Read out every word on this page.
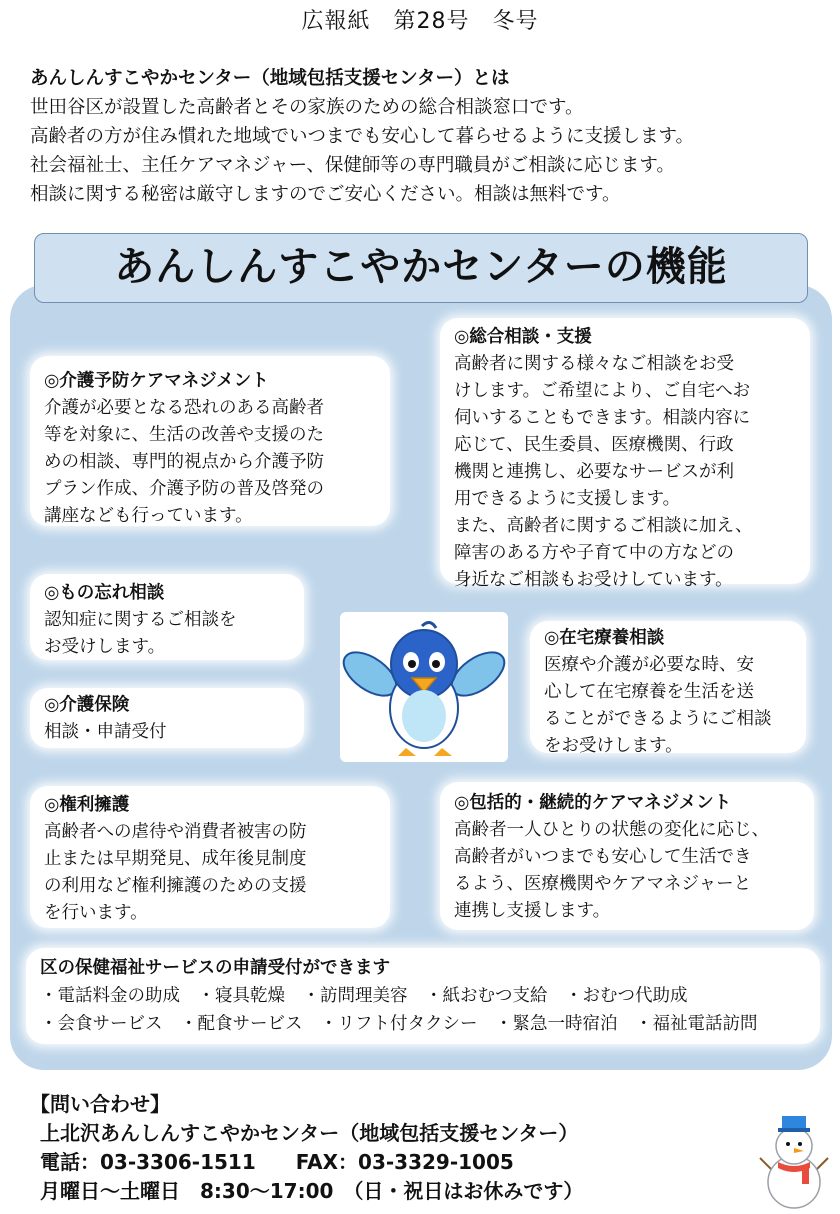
広報紙　第28号　冬号

あんしんすこやかセンター（地域包括支援センター）とは

世田谷区が設置した高齢者とその家族のための総合相談窓口です。

高齢者の方が住み慣れた地域でいつまでも安心して暮らせるように支援します。

社会福祉士、主任ケアマネジャー、保健師等の専門職員がご相談に応じます。

相談に関する秘密は厳守しますのでご安心ください。相談は無料です。

あんしんすこやかセンターの機能
◎介護予防ケアマネジメント
介護が必要となる恐れのある高齢者
等を対象に、生活の改善や支援のた
めの相談、専門的視点から介護予防
プラン作成、介護予防の普及啓発の
講座なども行っています。
◎総合相談・支援
高齢者に関する様々なご相談をお受
けします。ご希望により、ご自宅へお
伺いすることもできます。相談内容に
応じて、民生委員、医療機関、行政
機関と連携し、必要なサービスが利
用できるように支援します。
また、高齢者に関するご相談に加え、
障害のある方や子育て中の方などの
身近なご相談もお受けしています。
◎もの忘れ相談
認知症に関するご相談を
お受けします。
◎介護保険
相談・申請受付
◎在宅療養相談
医療や介護が必要な時、安
心して在宅療養を生活を送
ることができるようにご相談
をお受けします。
◎権利擁護
高齢者への虐待や消費者被害の防
止または早期発見、成年後見制度
の利用など権利擁護のための支援
を行います。
◎包括的・継続的ケアマネジメント
高齢者一人ひとりの状態の変化に応じ、
高齢者がいつまでも安心して生活でき
るよう、医療機関やケアマネジャーと
連携し支援します。
区の保健福祉サービスの申請受付ができます
・電話料金の助成　・寝具乾燥　・訪問理美容　・紙おむつ支給　・おむつ代助成
・会食サービス　・配食サービス　・リフト付タクシー　・緊急一時宿泊　・福祉電話訪問
【問い合わせ】
上北沢あんしんすこやかセンター（地域包括支援センター）
電話：03-3306-1511　　FAX：03-3329-1005
月曜日～土曜日　8:30～17:00　（日・祝日はお休みです）
